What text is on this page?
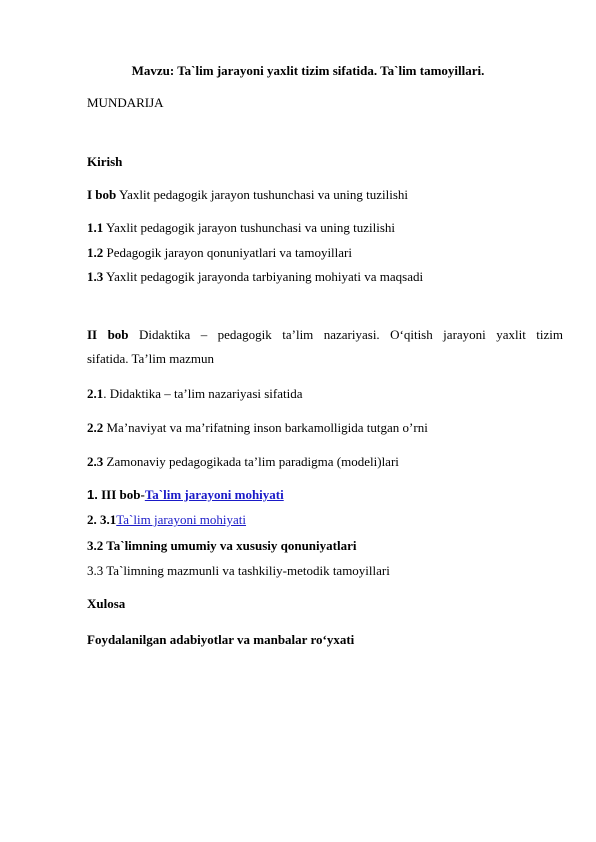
Mavzu: Ta`lim jarayoni yaxlit tizim sifatida. Ta`lim tamoyillari.
MUNDARIJA
Kirish
I bob Yaxlit pedagogik jarayon tushunchasi va uning tuzilishi
1.1 Yaxlit pedagogik jarayon tushunchasi va uning tuzilishi
1.2 Pedagogik jarayon qonuniyatlari va tamoyillari
1.3 Yaxlit pedagogik jarayonda tarbiyaning mohiyati va maqsadi
II bob Didaktika – pedagogik ta’lim nazariyasi. O‘qitish jarayoni yaxlit tizim
sifatida. Ta’lim mazmun
2.1. Didaktika – ta’lim nazariyasi sifatida
2.2 Ma’naviyat va ma’rifatning inson barkamolligida tutgan o’rni
2.3 Zamonaviy pedagogikada ta’lim paradigma (modeli)lari
1. III bob-Ta`lim jarayoni mohiyati
2. 3.1Ta`lim jarayoni mohiyati
3.2 Ta`limning umumiy va xususiy qonuniyatlari
3.3 Ta`limning mazmunli va tashkiliy-metodik tamoyillari
Xulosa
Foydalanilgan adabiyotlar va manbalar ro‘yxati
